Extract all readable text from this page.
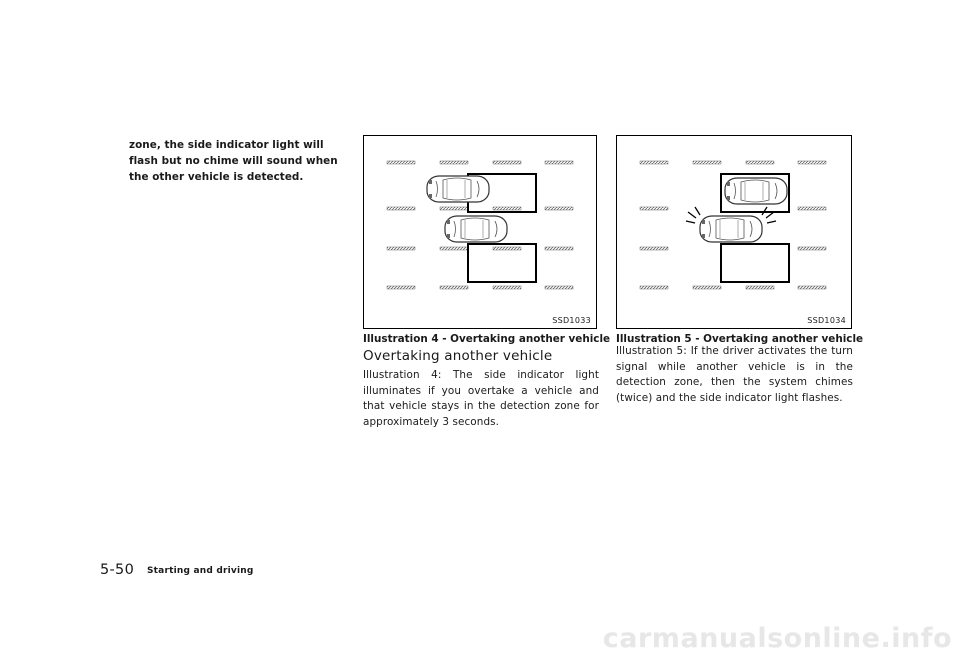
zone, the side indicator light will flash but no chime will sound when the other vehicle is detected.

SSD1033	SSD1034

Illustration 4 - Overtaking another vehicle Illustration 5 - Overtaking another vehicle

Overtaking another vehicle

Illustration 4: The side indicator light illuminates if you overtake a vehicle and that vehicle stays in the detection zone for approximately 3 seconds.

Illustration 5: If the driver activates the turn signal while another vehicle is in the detection zone, then the system chimes (twice) and the side indicator light flashes.

5-50 Starting and driving
carmanualsonline.info
